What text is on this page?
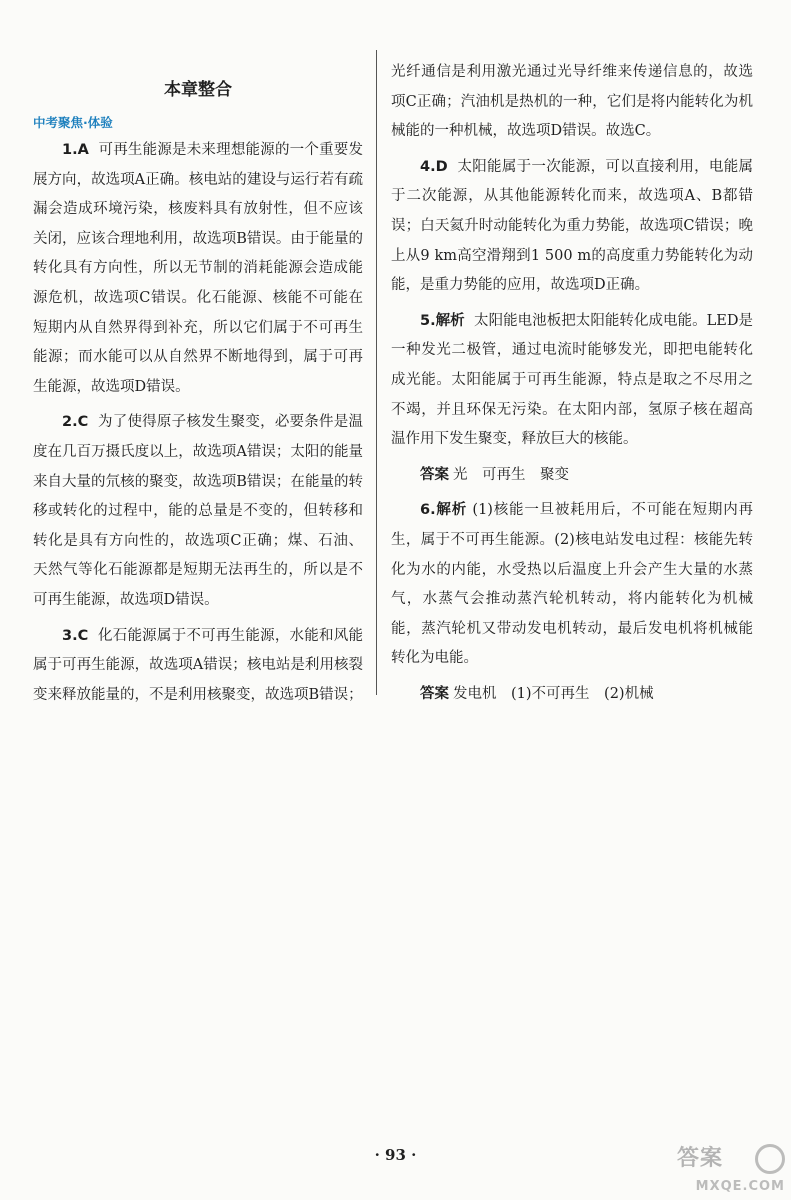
本章整合
中考聚焦·体验

1.A 可再生能源是未来理想能源的一个重要发展方向，故选项A正确。核电站的建设与运行若有疏漏会造成环境污染，核废料具有放射性，但不应该关闭，应该合理地利用，故选项B错误。由于能量的转化具有方向性，所以无节制的消耗能源会造成能源危机，故选项C错误。化石能源、核能不可能在短期内从自然界得到补充，所以它们属于不可再生能源；而水能可以从自然界不断地得到，属于可再生能源，故选项D错误。

2.C 为了使得原子核发生聚变，必要条件是温度在几百万摄氏度以上，故选项A错误；太阳的能量来自大量的氘核的聚变，故选项B错误；在能量的转移或转化的过程中，能的总量是不变的，但转移和转化是具有方向性的，故选项C正确；煤、石油、天然气等化石能源都是短期无法再生的，所以是不可再生能源，故选项D错误。

3.C 化石能源属于不可再生能源，水能和风能属于可再生能源，故选项A错误；核电站是利用核裂变来释放能量的，不是利用核聚变，故选项B错误；

光纤通信是利用激光通过光导纤维来传递信息的，故选项C正确；汽油机是热机的一种，它们是将内能转化为机械能的一种机械，故选项D错误。故选C。

4.D 太阳能属于一次能源，可以直接利用，电能属于二次能源，从其他能源转化而来，故选项A、B都错误；白天氦升时动能转化为重力势能，故选项C错误；晚上从9 km高空滑翔到1 500 m的高度重力势能转化为动能，是重力势能的应用，故选项D正确。

5.解析 太阳能电池板把太阳能转化成电能。LED是一种发光二极管，通过电流时能够发光，即把电能转化成光能。太阳能属于可再生能源，特点是取之不尽用之不竭，并且环保无污染。在太阳内部，氢原子核在超高温作用下发生聚变，释放巨大的核能。

答案 光　可再生　聚变

6.解析 (1)核能一旦被耗用后，不可能在短期内再生，属于不可再生能源。(2)核电站发电过程：核能先转化为水的内能，水受热以后温度上升会产生大量的水蒸气，水蒸气会推动蒸汽轮机转动，将内能转化为机械能，蒸汽轮机又带动发电机转动，最后发电机将机械能转化为电能。

答案 发电机　(1)不可再生　(2)机械

· 93 ·	答案
MXQE.COM
